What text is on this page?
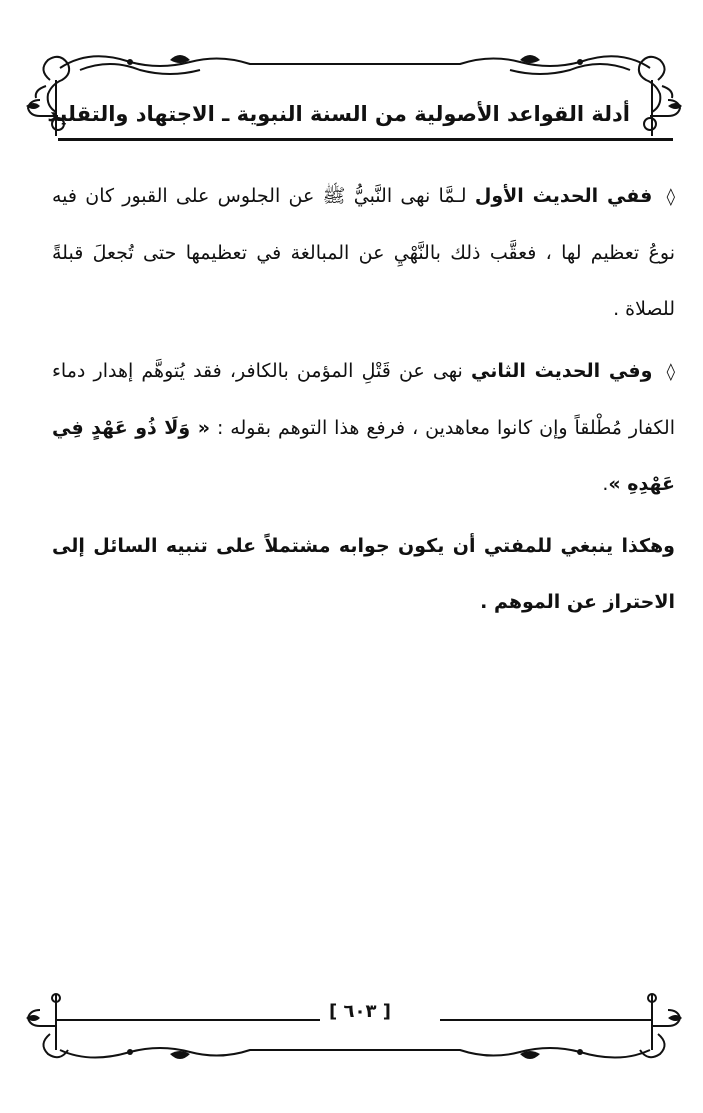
أدلة القواعد الأصولية من السنة النبوية ـ الاجتهاد والتقليد

◊ ففي الحديث الأول لـمَّا نهى النَّبيُّ ﷺ عن الجلوس على القبور كان فيه نوعُ تعظيم لها ، فعقَّب ذلك بالنَّهْيِ عن المبالغة في تعظيمها حتى تُجعلَ قبلةً للصلاة .

◊ وفي الحديث الثاني نهى عن قَتْلِ المؤمن بالكافر، فقد يُتوهَّم إهدار دماء الكفار مُطْلقاً وإن كانوا معاهدين ، فرفع هذا التوهم بقوله : « وَلَا ذُو عَهْدٍ فِي عَهْدِهِ ».

وهكذا ينبغي للمفتي أن يكون جوابه مشتملاً على تنبيه السائل إلى الاحتراز عن الموهم .

[ ٦٠٣ ]
